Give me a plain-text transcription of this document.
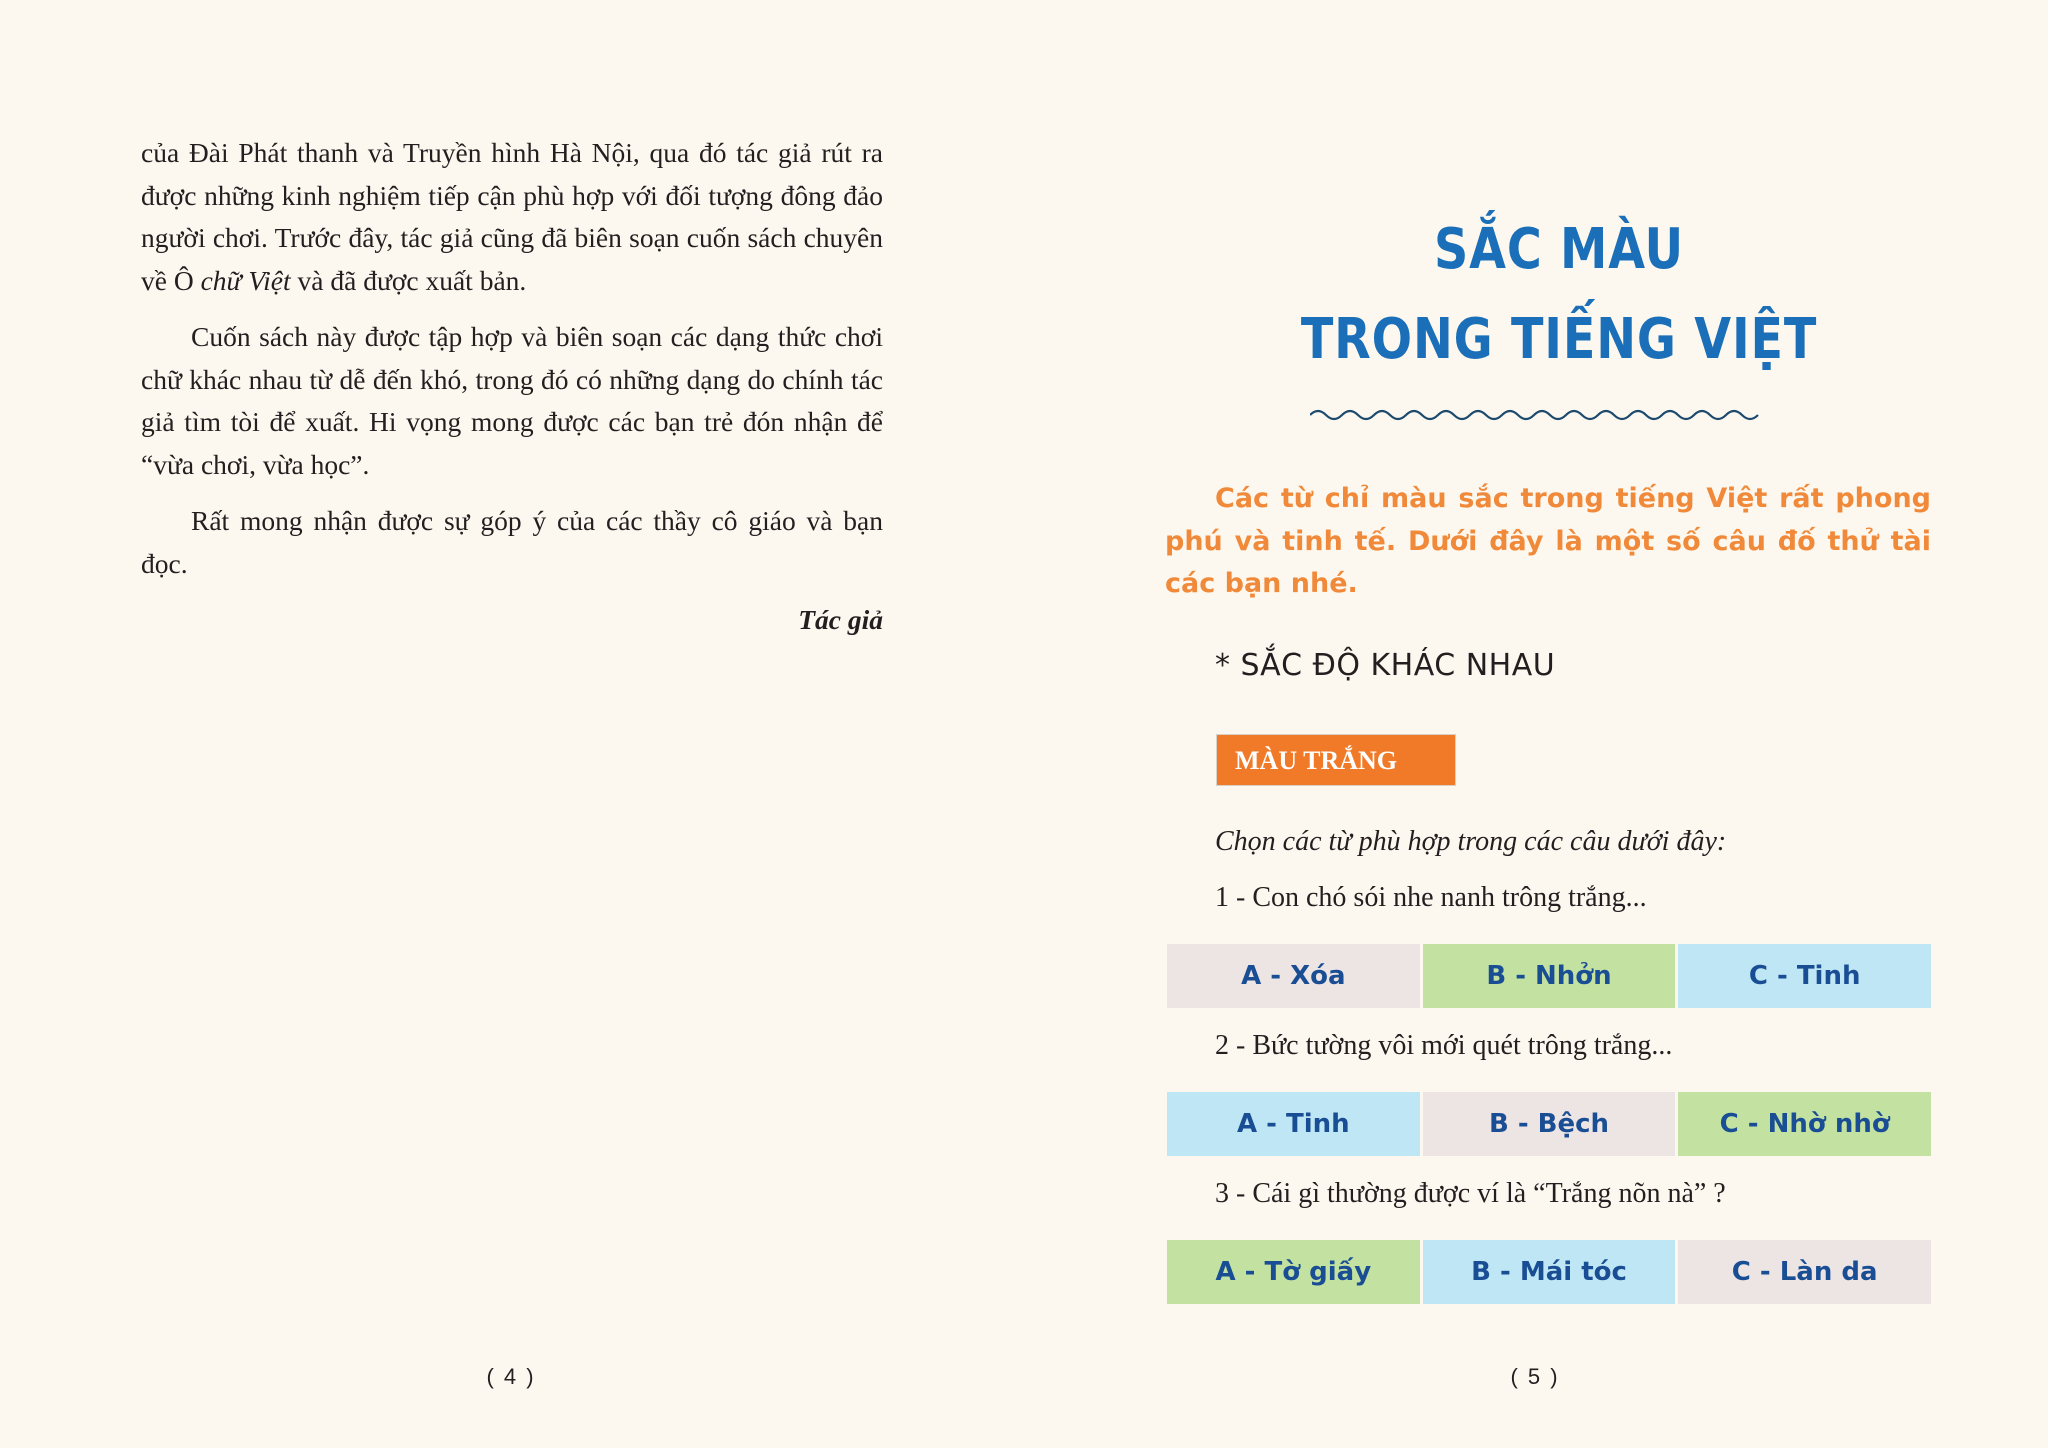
của Đài Phát thanh và Truyền hình Hà Nội, qua đó tác giả rút ra được những kinh nghiệm tiếp cận phù hợp với đối tượng đông đảo người chơi. Trước đây, tác giả cũng đã biên soạn cuốn sách chuyên về Ô chữ Việt và đã được xuất bản.

Cuốn sách này được tập hợp và biên soạn các dạng thức chơi chữ khác nhau từ dễ đến khó, trong đó có những dạng do chính tác giả tìm tòi để xuất. Hi vọng mong được các bạn trẻ đón nhận để “vừa chơi, vừa học”.

Rất mong nhận được sự góp ý của các thầy cô giáo và bạn đọc.

Tác giả
( 4 )
SẮC MÀU
TRONG TIẾNG VIỆT
Các từ chỉ màu sắc trong tiếng Việt rất phong phú và tinh tế. Dưới đây là một số câu đố thử tài các bạn nhé.
* SẮC ĐỘ KHÁC NHAU
MÀU TRẮNG
Chọn các từ phù hợp trong các câu dưới đây:
1 - Con chó sói nhe nanh trông trắng...
A - Xóa	B - Nhởn	C - Tinh
2 - Bức tường vôi mới quét trông trắng...
A - Tinh	B - Bệch	C - Nhờ nhờ
3 - Cái gì thường được ví là “Trắng nõn nà” ?
A - Tờ giấy	B - Mái tóc	C - Làn da
( 5 )
